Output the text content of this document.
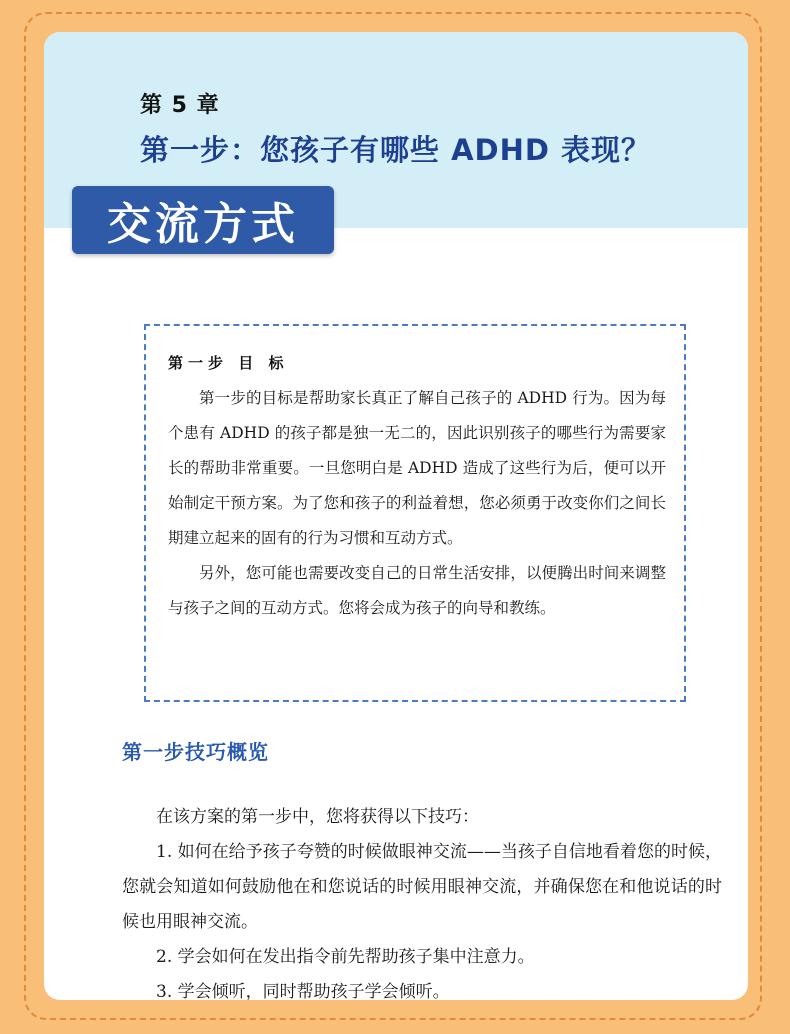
第 5 章
第一步：您孩子有哪些 ADHD 表现？
交流方式
第一步 目 标

第一步的目标是帮助家长真正了解自己孩子的 ADHD 行为。因为每个患有 ADHD 的孩子都是独一无二的，因此识别孩子的哪些行为需要家长的帮助非常重要。一旦您明白是 ADHD 造成了这些行为后，便可以开始制定干预方案。为了您和孩子的利益着想，您必须勇于改变你们之间长期建立起来的固有的行为习惯和互动方式。

另外，您可能也需要改变自己的日常生活安排，以便腾出时间来调整与孩子之间的互动方式。您将会成为孩子的向导和教练。

第一步技巧概览

在该方案的第一步中，您将获得以下技巧：

1. 如何在给予孩子夸赞的时候做眼神交流——当孩子自信地看着您的时候，您就会知道如何鼓励他在和您说话的时候用眼神交流，并确保您在和他说话的时候也用眼神交流。

2. 学会如何在发出指令前先帮助孩子集中注意力。

3. 学会倾听，同时帮助孩子学会倾听。
